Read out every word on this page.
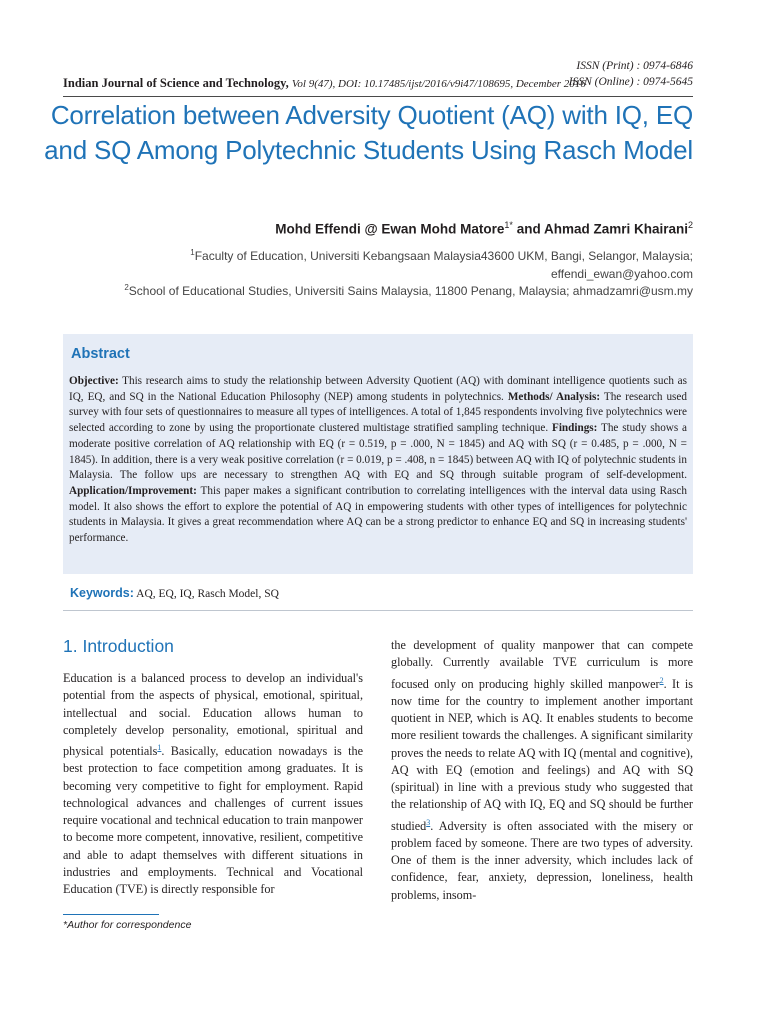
Indian Journal of Science and Technology, Vol 9(47), DOI: 10.17485/ijst/2016/v9i47/108695, December 2016
ISSN (Print) : 0974-6846
ISSN (Online) : 0974-5645
Correlation between Adversity Quotient (AQ) with IQ, EQ and SQ Among Polytechnic Students Using Rasch Model
Mohd Effendi @ Ewan Mohd Matore$^{1*}$ and Ahmad Zamri Khairani$^2$
$^1$Faculty of Education, Universiti Kebangsaan Malaysia43600 UKM, Bangi, Selangor, Malaysia;
effendi_ewan@yahoo.com
$^2$School of Educational Studies, Universiti Sains Malaysia, 11800 Penang, Malaysia; ahmadzamri@usm.my
Abstract
Objective: This research aims to study the relationship between Adversity Quotient (AQ) with dominant intelligence quotients such as IQ, EQ, and SQ in the National Education Philosophy (NEP) among students in polytechnics. Methods/ Analysis: The research used survey with four sets of questionnaires to measure all types of intelligences. A total of 1,845 respondents involving five polytechnics were selected according to zone by using the proportionate clustered multistage stratified sampling technique. Findings: The study shows a moderate positive correlation of AQ relationship with EQ (r = 0.519, p = .000, N = 1845) and AQ with SQ (r = 0.485, p = .000, N = 1845). In addition, there is a very weak positive correlation (r = 0.019, p = .408, n = 1845) between AQ with IQ of polytechnic students in Malaysia. The follow ups are necessary to strengthen AQ with EQ and SQ through suitable program of self-development. Application/Improvement: This paper makes a significant contribution to correlating intelligences with the interval data using Rasch model. It also shows the effort to explore the potential of AQ in empowering students with other types of intelligences for polytechnic students in Malaysia. It gives a great recommendation where AQ can be a strong predictor to enhance EQ and SQ in increasing students' performance.
Keywords: AQ, EQ, IQ, Rasch Model, SQ
1. Introduction
Education is a balanced process to develop an individual's potential from the aspects of physical, emotional, spiritual, intellectual and social. Education allows human to completely develop personality, emotional, spiritual and physical potentials$^1$. Basically, education nowadays is the best protection to face competition among graduates. It is becoming very competitive to fight for employment. Rapid technological advances and challenges of current issues require vocational and technical education to train manpower to become more competent, innovative, resilient, competitive and able to adapt themselves with different situations in industries and employments. Technical and Vocational Education (TVE) is directly responsible for
the development of quality manpower that can compete globally. Currently available TVE curriculum is more focused only on producing highly skilled manpower$^2$. It is now time for the country to implement another important quotient in NEP, which is AQ. It enables students to become more resilient towards the challenges. A significant similarity proves the needs to relate AQ with IQ (mental and cognitive), AQ with EQ (emotion and feelings) and AQ with SQ (spiritual) in line with a previous study who suggested that the relationship of AQ with IQ, EQ and SQ should be further studied$^3$. Adversity is often associated with the misery or problem faced by someone. There are two types of adversity. One of them is the inner adversity, which includes lack of confidence, fear, anxiety, depression, loneliness, health problems, insom-
*Author for correspondence
